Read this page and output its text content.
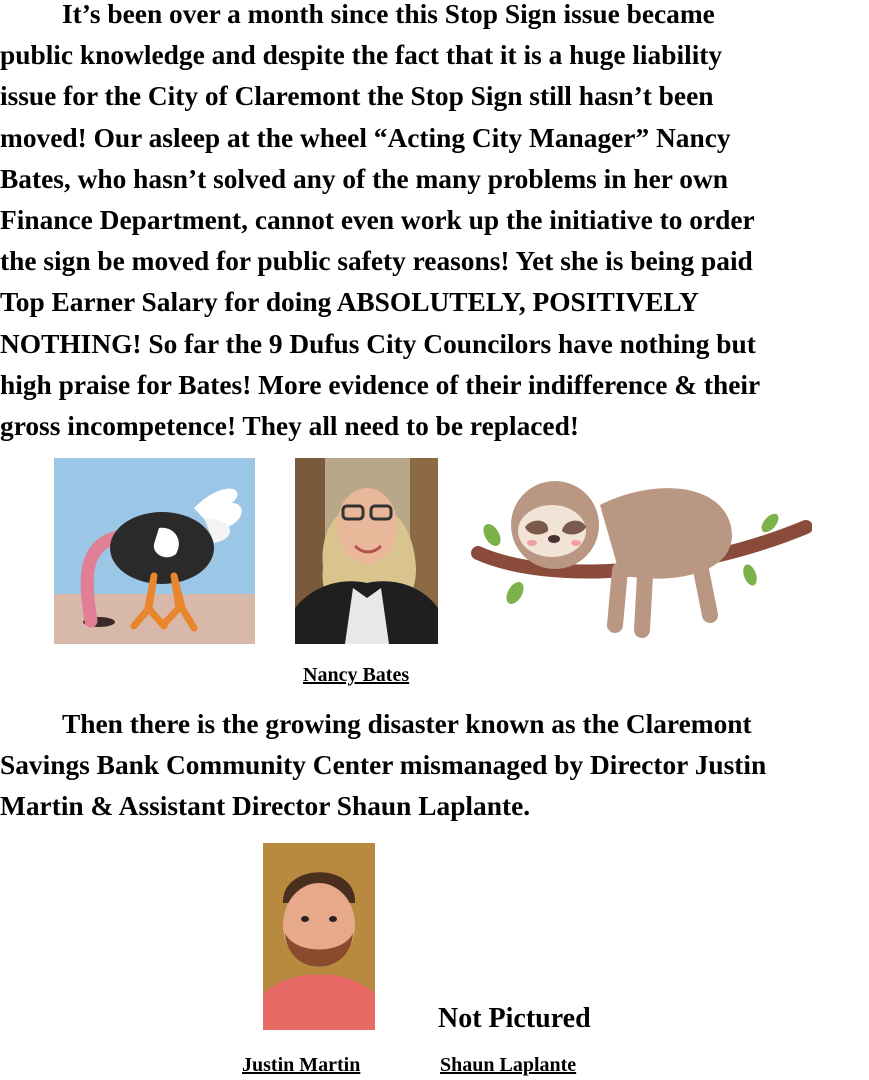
It’s been over a month since this Stop Sign issue became
public knowledge and despite the fact that it is a huge liability
issue for the City of Claremont the Stop Sign still hasn’t been
moved! Our asleep at the wheel “Acting City Manager” Nancy
Bates, who hasn’t solved any of the many problems in her own
Finance Department, cannot even work up the initiative to order
the sign be moved for public safety reasons! Yet she is being paid
Top Earner Salary for doing ABSOLUTELY, POSITIVELY
NOTHING! So far the 9 Dufus City Councilors have nothing but
high praise for Bates! More evidence of their indifference & their
gross incompetence! They all need to be replaced!

Nancy Bates

Then there is the growing disaster known as the Claremont
Savings Bank Community Center mismanaged by Director Justin
Martin & Assistant Director Shaun Laplante.

Not Pictured
Justin Martin	Shaun Laplante
